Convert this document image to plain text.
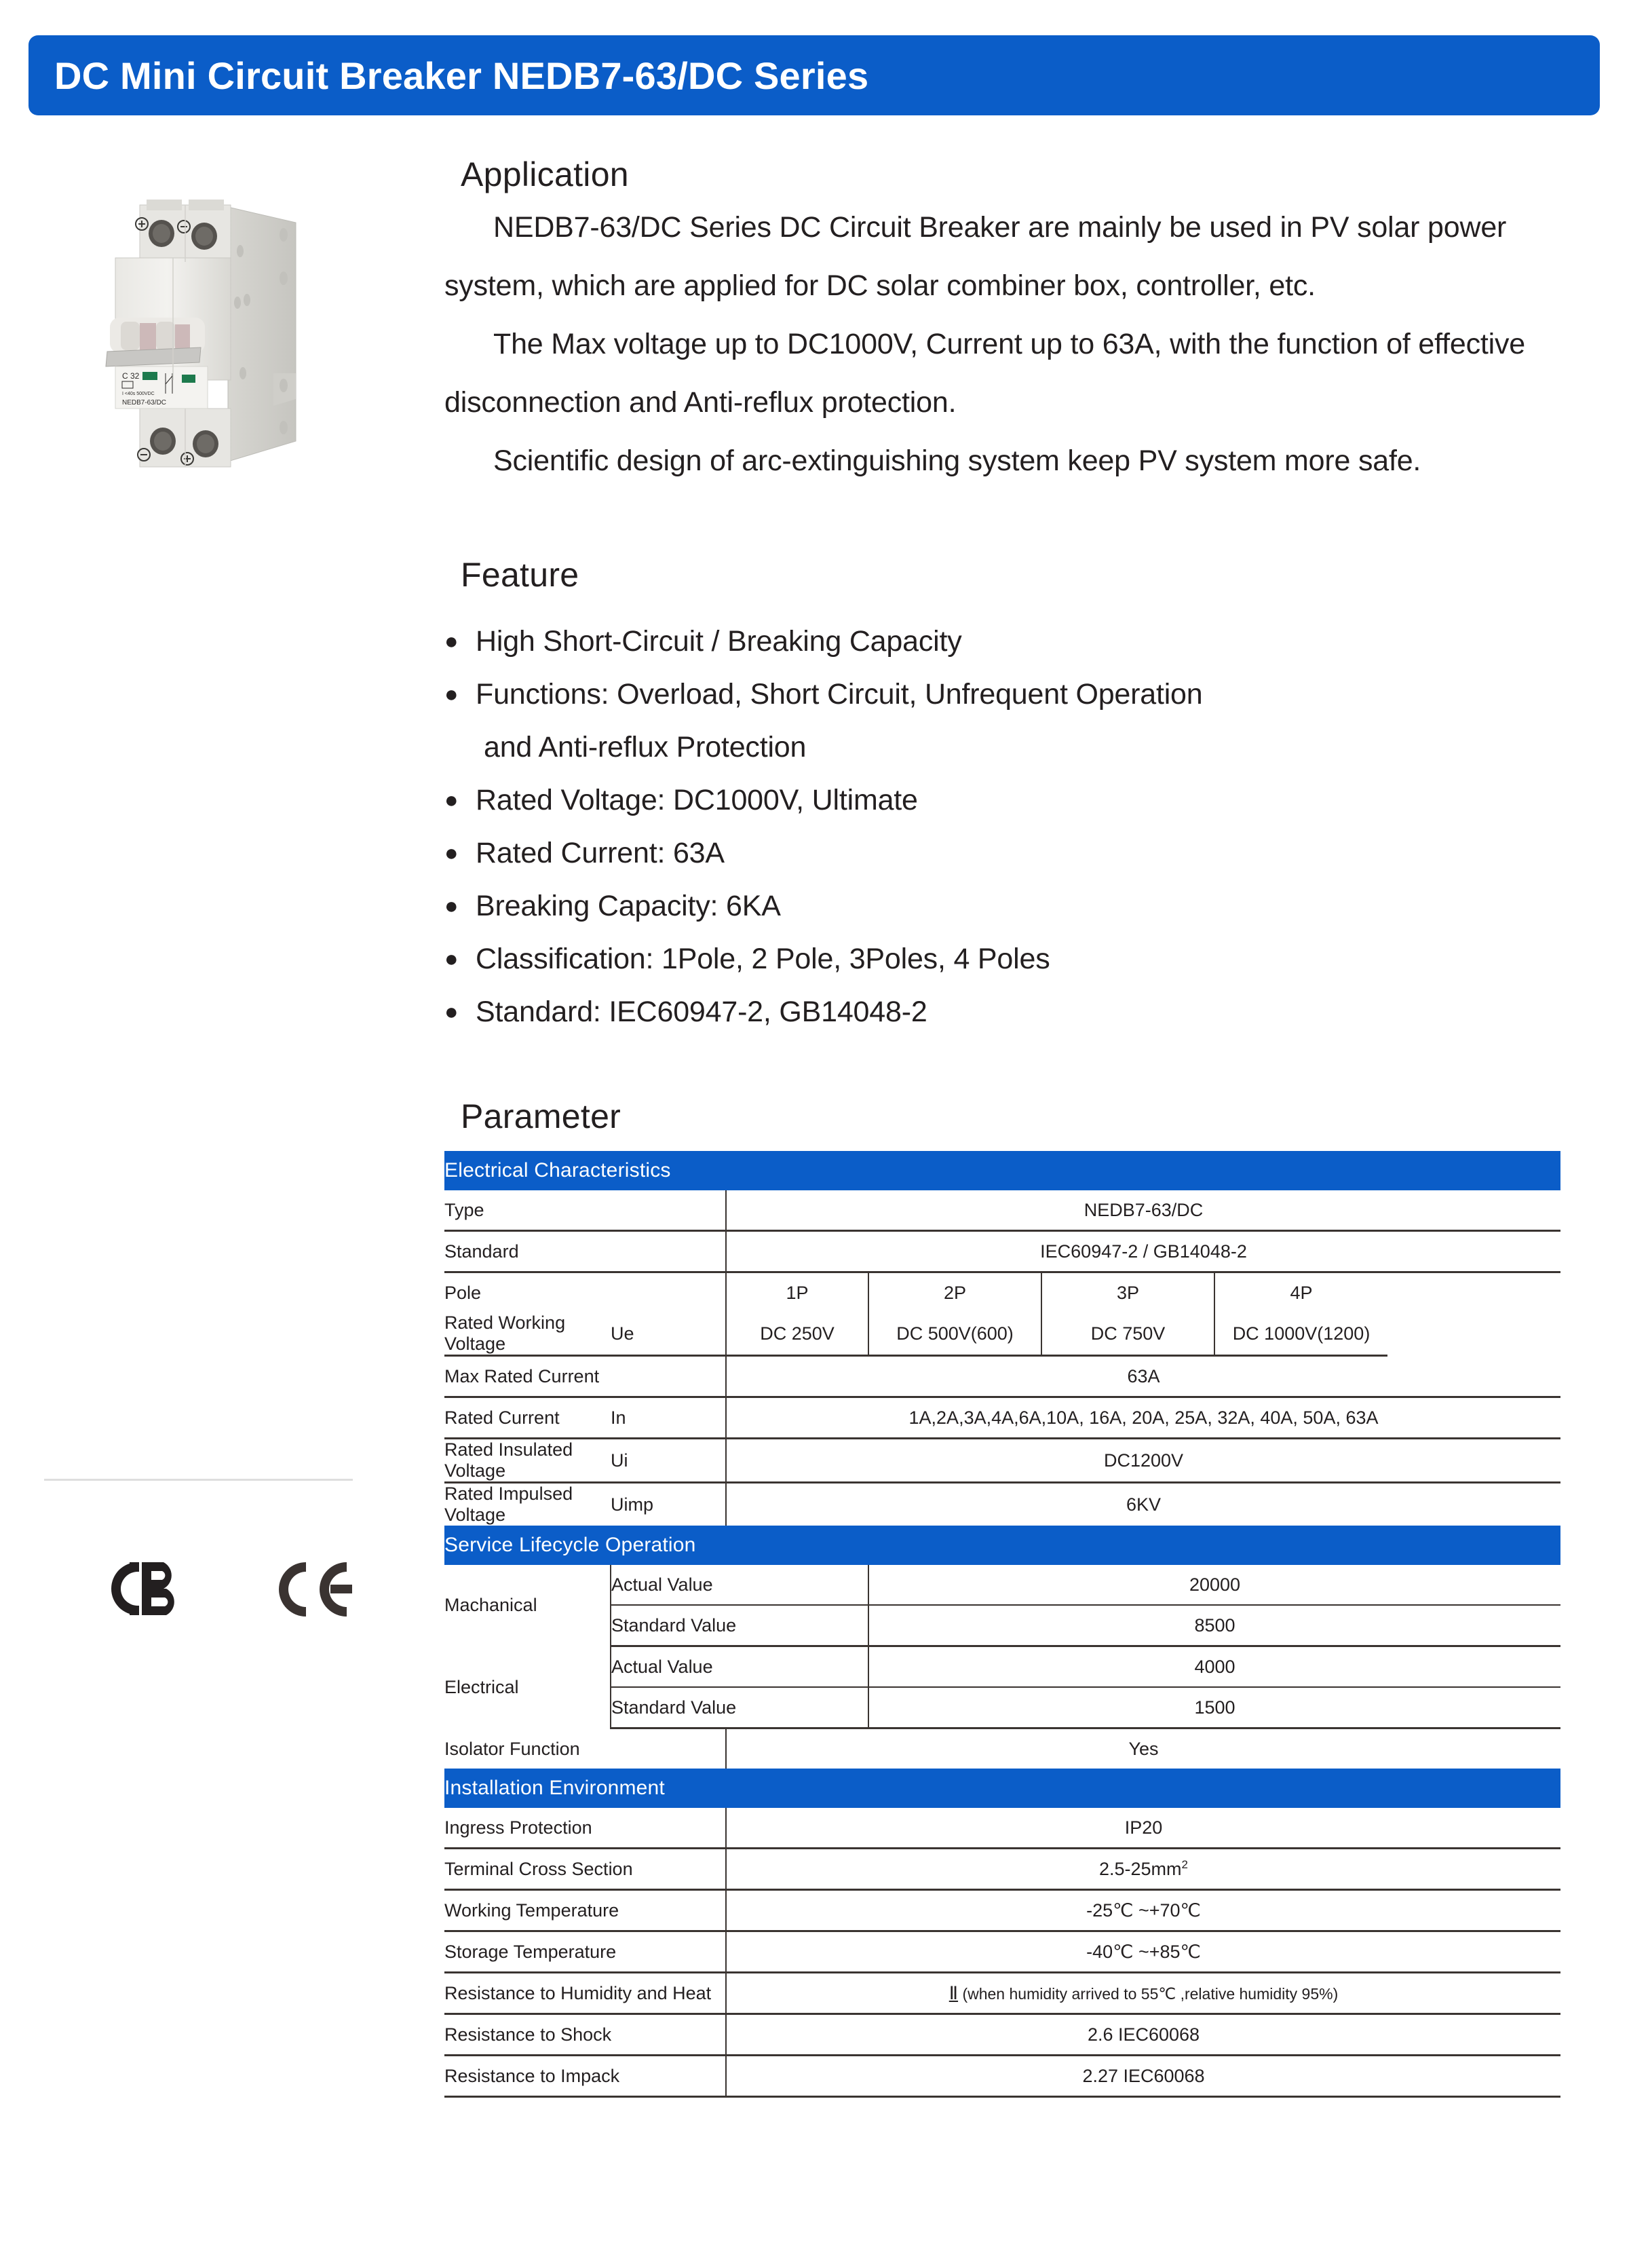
DC Mini Circuit Breaker NEDB7-63/DC Series
C 32
I <40s 500VDC
NEDB7-63/DC
Application

NEDB7-63/DC Series DC Circuit Breaker are mainly be used in PV solar power system, which are applied for DC solar combiner box, controller, etc.

The Max voltage up to DC1000V, Current up to 63A, with the function of effective disconnection and Anti-reflux protection.

Scientific design of arc-extinguishing system keep PV system more safe.

Feature
● High Short-Circuit / Breaking Capacity
● Functions: Overload, Short Circuit, Unfrequent Operation
and Anti-reflux Protection
● Rated Voltage: DC1000V, Ultimate
● Rated Current: 63A
● Breaking Capacity: 6KA
● Classification: 1Pole, 2 Pole, 3Poles, 4 Poles
● Standard: IEC60947-2, GB14048-2
Parameter
Electrical Characteristics					
Type		NEDB7-63/DC			
Standard		IEC60947-2 / GB14048-2			
Pole		1P	2P	3P	4P
Rated Working Voltage	Ue	DC 250V	DC 500V(600)	DC 750V	DC 1000V(1200)
Max Rated Current		63A			
Rated Current	In	1A,2A,3A,4A,6A,10A, 16A, 20A, 25A, 32A, 40A, 50A, 63A			
Rated Insulated Voltage	Ui	DC1200V			
Rated Impulsed Voltage	Uimp	6KV			
Service Lifecycle Operation					
Machanical	Actual Value		20000		
	Standard Value		8500		
Electrical	Actual Value		4000		
	Standard Value		1500		
Isolator Function		Yes			
Installation Environment					
Ingress Protection		IP20			
Terminal Cross Section		$2.5-25mm^2$
Working Temperature		-25℃ ~+70℃			
Storage Temperature		-40℃ ~+85℃			
Resistance to Humidity and Heat		Ⅱ (when humidity arrived to 55℃ ,relative humidity 95%)			
Resistance to Shock		2.6 IEC60068			
Resistance to Impack		2.27 IEC60068			
